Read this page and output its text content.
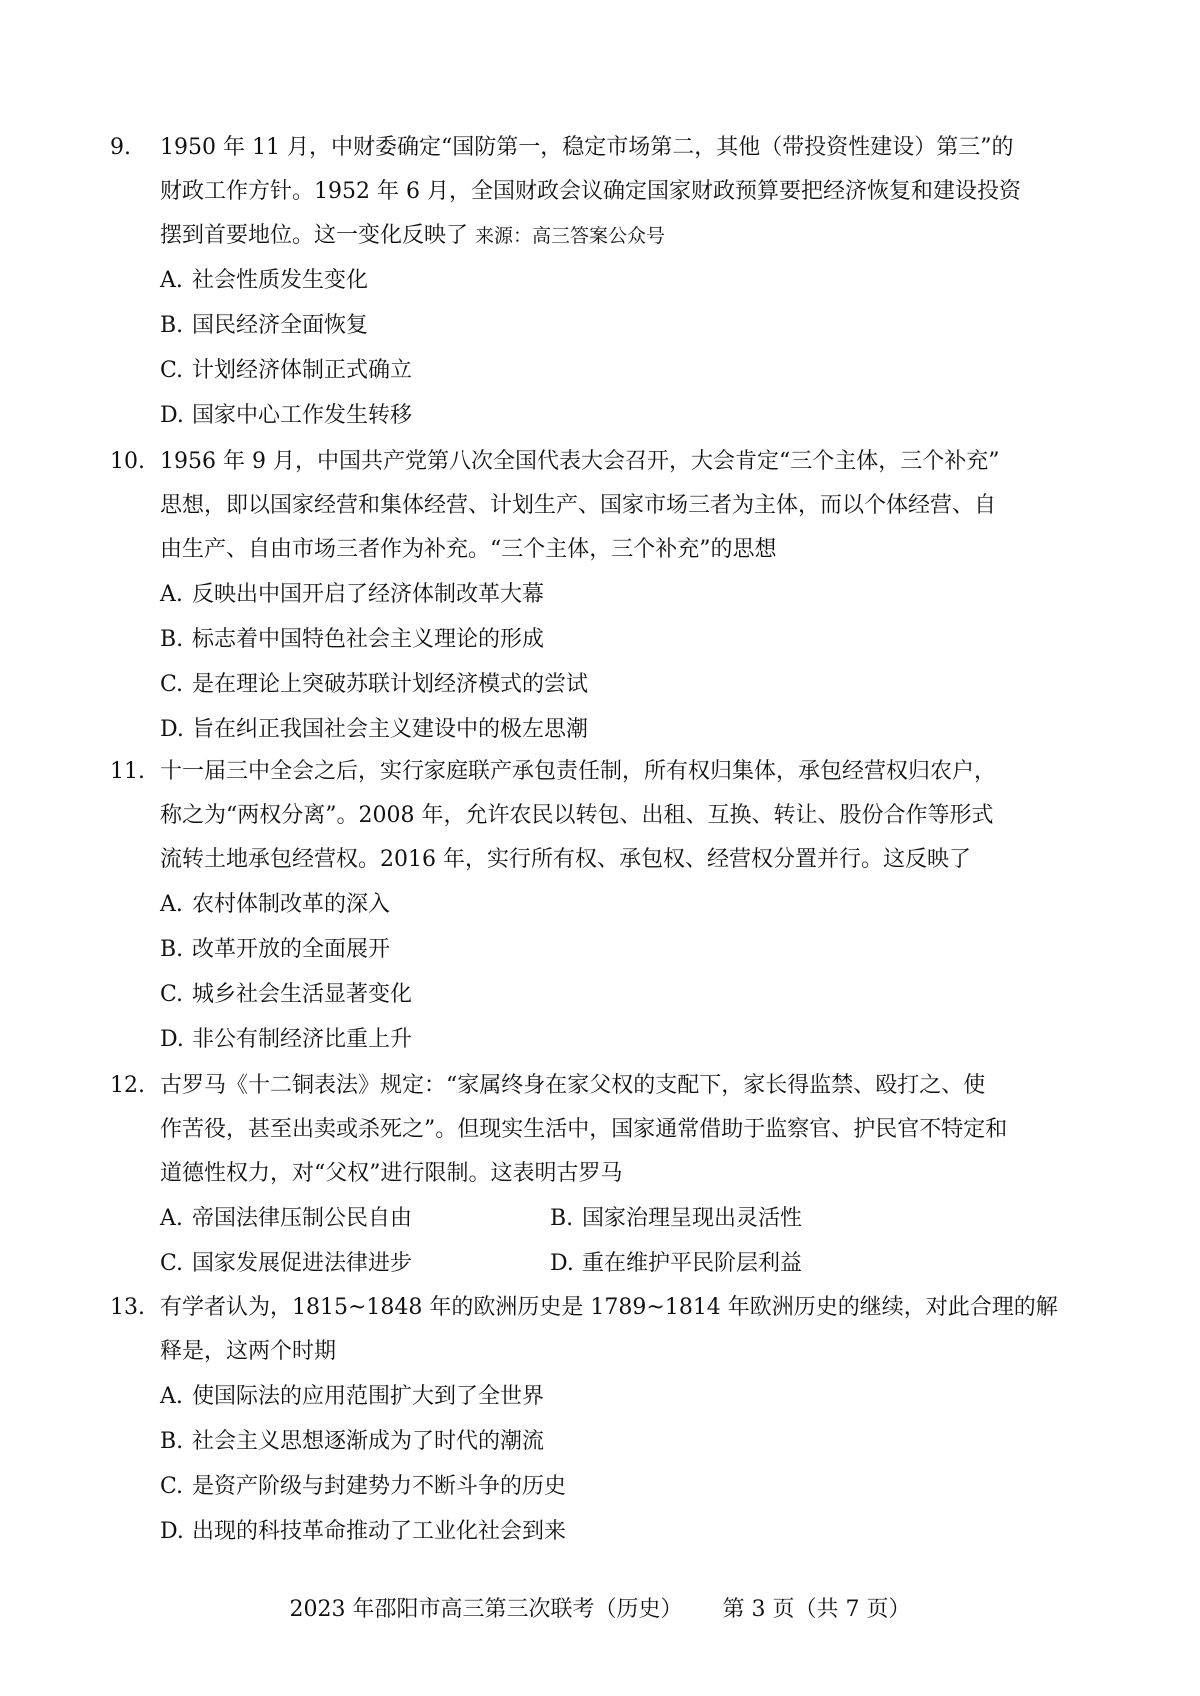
9. 1950 年 11 月，中财委确定“国防第一，稳定市场第二，其他（带投资性建设）第三”的
财政工作方针。1952 年 6 月，全国财政会议确定国家财政预算要把经济恢复和建设投资
摆到首要地位。这一变化反映了 来源：高三答案公众号
A. 社会性质发生变化
B. 国民经济全面恢复
C. 计划经济体制正式确立
D. 国家中心工作发生转移
10. 1956 年 9 月，中国共产党第八次全国代表大会召开，大会肯定“三个主体，三个补充”
思想，即以国家经营和集体经营、计划生产、国家市场三者为主体，而以个体经营、自
由生产、自由市场三者作为补充。“三个主体，三个补充”的思想
A. 反映出中国开启了经济体制改革大幕
B. 标志着中国特色社会主义理论的形成
C. 是在理论上突破苏联计划经济模式的尝试
D. 旨在纠正我国社会主义建设中的极左思潮
11. 十一届三中全会之后，实行家庭联产承包责任制，所有权归集体，承包经营权归农户，
称之为“两权分离”。2008 年，允许农民以转包、出租、互换、转让、股份合作等形式
流转土地承包经营权。2016 年，实行所有权、承包权、经营权分置并行。这反映了
A. 农村体制改革的深入
B. 改革开放的全面展开
C. 城乡社会生活显著变化
D. 非公有制经济比重上升
12. 古罗马《十二铜表法》规定：“家属终身在家父权的支配下，家长得监禁、殴打之、使
作苦役，甚至出卖或杀死之”。但现实生活中，国家通常借助于监察官、护民官不特定和
道德性权力，对“父权”进行限制。这表明古罗马
A. 帝国法律压制公民自由	B. 国家治理呈现出灵活性
C. 国家发展促进法律进步	D. 重在维护平民阶层利益
13. 有学者认为，1815~1848 年的欧洲历史是 1789~1814 年欧洲历史的继续，对此合理的解
释是，这两个时期
A. 使国际法的应用范围扩大到了全世界
B. 社会主义思想逐渐成为了时代的潮流
C. 是资产阶级与封建势力不断斗争的历史
D. 出现的科技革命推动了工业化社会到来
2023 年邵阳市高三第三次联考（历史） 第 3 页（共 7 页）
